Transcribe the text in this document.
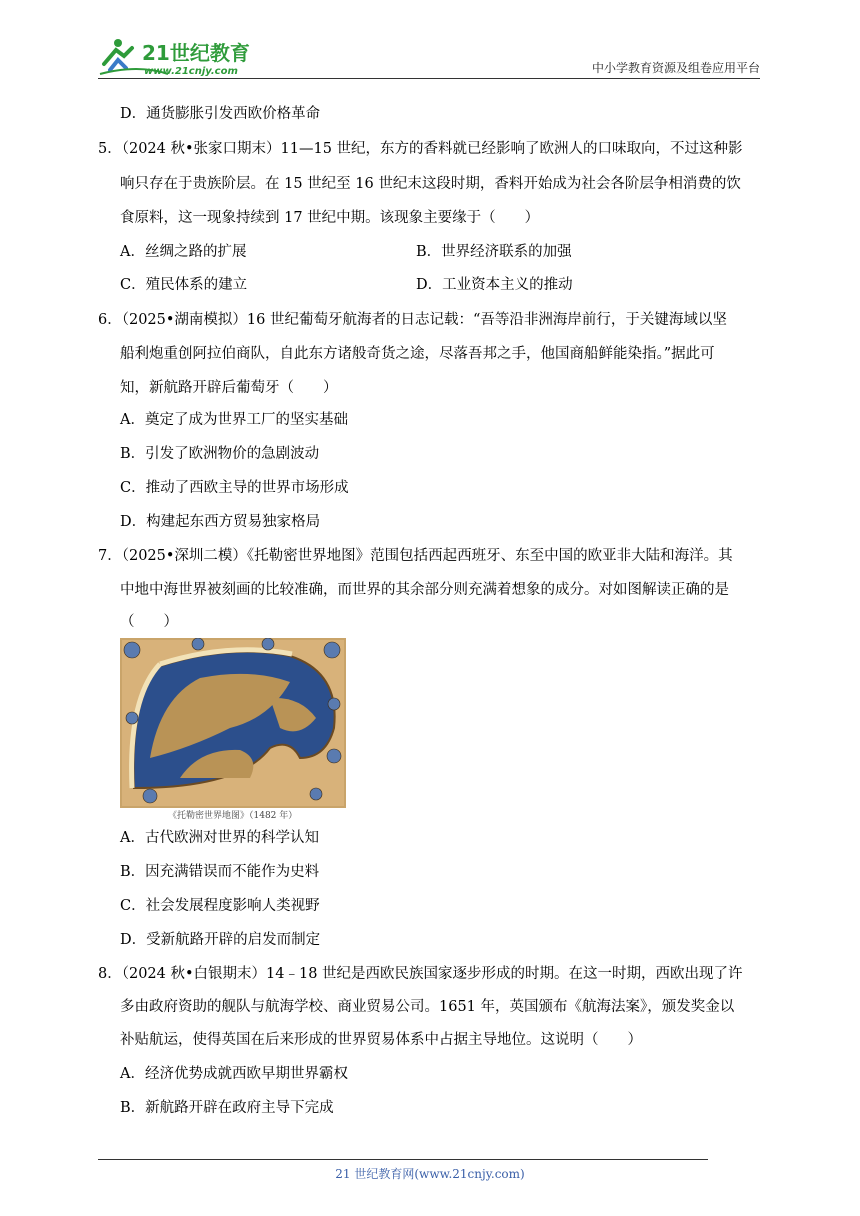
21世纪教育
www.21cnjy.com	中小学教育资源及组卷应用平台
D．通货膨胀引发西欧价格革命
5．（2024 秋•张家口期末）11—15 世纪，东方的香料就已经影响了欧洲人的口味取向，不过这种影
响只存在于贵族阶层。在 15 世纪至 16 世纪末这段时期，香料开始成为社会各阶层争相消费的饮
食原料，这一现象持续到 17 世纪中期。该现象主要缘于（　　）
A．丝绸之路的扩展	B．世界经济联系的加强
C．殖民体系的建立	D．工业资本主义的推动
6．（2025•湖南模拟）16 世纪葡萄牙航海者的日志记载：“吾等沿非洲海岸前行，于关键海域以坚
船利炮重创阿拉伯商队，自此东方诸般奇货之途，尽落吾邦之手，他国商船鲜能染指。”据此可
知，新航路开辟后葡萄牙（　　）
A．奠定了成为世界工厂的坚实基础
B．引发了欧洲物价的急剧波动
C．推动了西欧主导的世界市场形成
D．构建起东西方贸易独家格局
7．（2025•深圳二模）《托勒密世界地图》范围包括西起西班牙、东至中国的欧亚非大陆和海洋。其
中地中海世界被刻画的比较准确，而世界的其余部分则充满着想象的成分。对如图解读正确的是
（　　）
《托勒密世界地图》（1482 年）
A．古代欧洲对世界的科学认知
B．因充满错误而不能作为史料
C．社会发展程度影响人类视野
D．受新航路开辟的启发而制定
8．（2024 秋•白银期末）14﹣18 世纪是西欧民族国家逐步形成的时期。在这一时期，西欧出现了许
多由政府资助的舰队与航海学校、商业贸易公司。1651 年，英国颁布《航海法案》，颁发奖金以
补贴航运，使得英国在后来形成的世界贸易体系中占据主导地位。这说明（　　）
A．经济优势成就西欧早期世界霸权
B．新航路开辟在政府主导下完成
21 世纪教育网(www.21cnjy.com)
